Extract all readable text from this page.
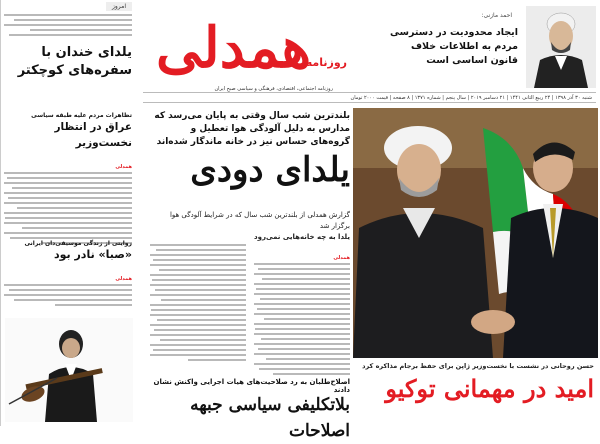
امروز
یلدای خندان با سفره‌های کوچکتر
تظاهرات مردم علیه طبقه سیاسی
عراق در انتظار نخست‌وزیر
همدلی
روایتی از زندگی موسیقی‌دان ایرانی
«صبا» نادر بود
همدلی
همدلی
روزنامه
روزنامه اجتماعی، اقتصادی، فرهنگی و سیاسی صبح ایران
احمد مازنی:
ایجاد محدودیت در دسترسی مردم به اطلاعات خلاف قانون اساسی است
شنبه ۳۰ آذر ۱۳۹۸ | ۲۴ ربیع الثانی ۱۴۴۱ | ۲۱ دسامبر ۲۰۱۹ | سال پنجم | شماره ۱۳۷۱ | ۸ صفحه | قیمت ۲۰۰۰ تومان
بلندترین شب سال وقتی به پایان می‌رسد که مدارس به دلیل آلودگی هوا تعطیل و گروه‌های حساس نیز در خانه ماندگار شده‌اند
یلدای دودی
گزارش همدلی از بلندترین شب سال که در شرایط آلودگی هوا برگزار شد
یلدا به چه خانه‌هایی نمی‌رود
همدلی
حسن روحانی در نشست با نخست‌وزیر ژاپن برای حفظ برجام مذاکره کرد
امید در مهمانی توکیو
اصلاح‌طلبان به رد صلاحیت‌های هیات اجرایی واکنش نشان دادند
بلاتکلیفی سیاسی جبهه اصلاحات
